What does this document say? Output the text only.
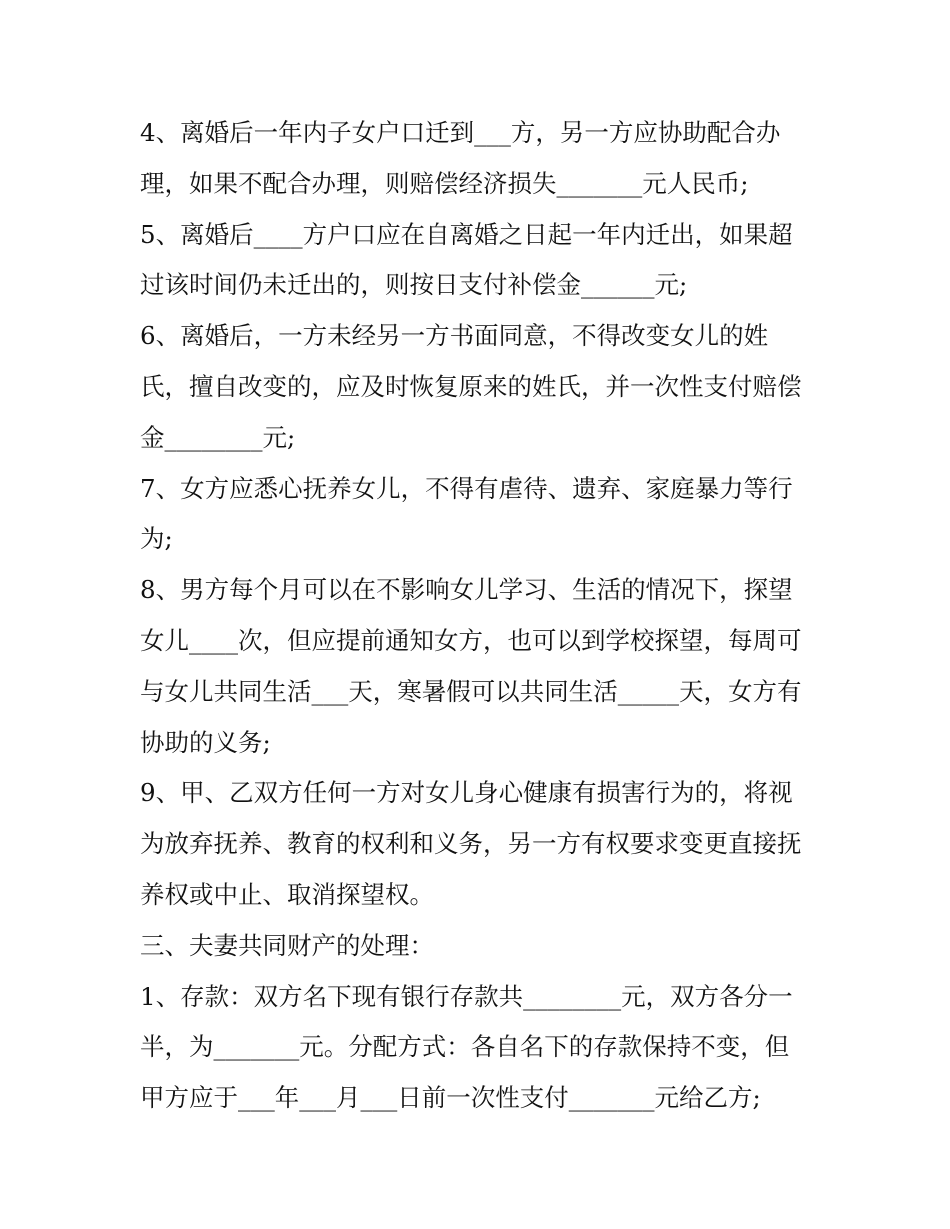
4、离婚后一年内子女户口迁到___方，另一方应协助配合办
理，如果不配合办理，则赔偿经济损失_______元人民币;
5、离婚后____方户口应在自离婚之日起一年内迁出，如果超
过该时间仍未迁出的，则按日支付补偿金______元;
6、离婚后，一方未经另一方书面同意，不得改变女儿的姓
氏，擅自改变的，应及时恢复原来的姓氏，并一次性支付赔偿
金________元;
7、女方应悉心抚养女儿，不得有虐待、遗弃、家庭暴力等行
为;
8、男方每个月可以在不影响女儿学习、生活的情况下，探望
女儿____次，但应提前通知女方，也可以到学校探望，每周可
与女儿共同生活___天，寒暑假可以共同生活_____天，女方有
协助的义务;
9、甲、乙双方任何一方对女儿身心健康有损害行为的，将视
为放弃抚养、教育的权利和义务，另一方有权要求变更直接抚
养权或中止、取消探望权。
三、夫妻共同财产的处理：
1、存款：双方名下现有银行存款共________元，双方各分一
半，为_______元。分配方式：各自名下的存款保持不变，但
甲方应于___年___月___日前一次性支付_______元给乙方;
